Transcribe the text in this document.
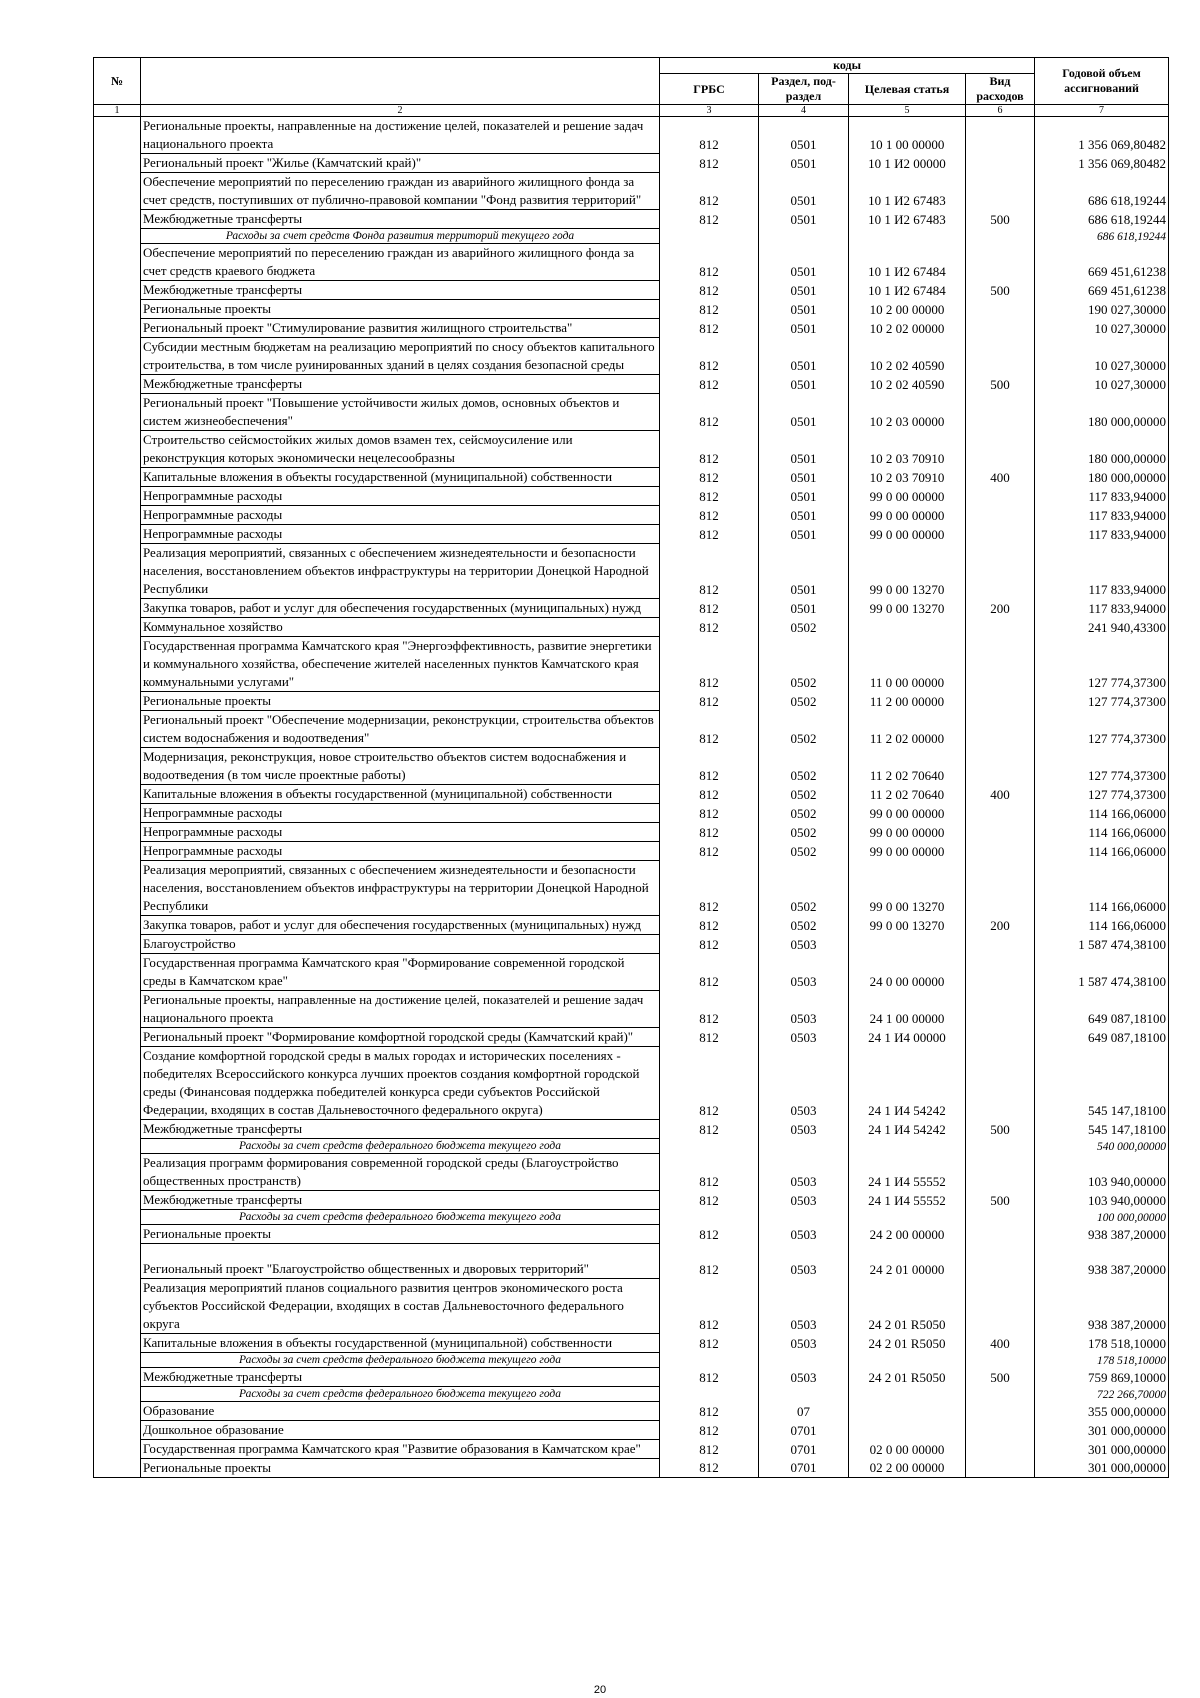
№		коды				Годовой объем ассигнований
		ГРБС	Раздел, под-раздел	Целевая статья	Вид расходов	
1	2	3	4	5	6	7
	Региональные проекты, направленные на достижение целей, показателей и решение задач национального проекта	812	0501	10 1 00 00000		1 356 069,80482
	Региональный проект "Жилье (Камчатский край)"	812	0501	10 1 И2 00000		1 356 069,80482
	Обеспечение мероприятий по переселению граждан из аварийного жилищного фонда за счет средств, поступивших от публично-правовой компании "Фонд развития территорий"	812	0501	10 1 И2 67483		686 618,19244
	Межбюджетные трансферты	812	0501	10 1 И2 67483	500	686 618,19244
	Расходы за счет средств Фонда развития территорий текущего года					686 618,19244
	Обеспечение мероприятий по переселению граждан из аварийного жилищного фонда за счет средств краевого бюджета	812	0501	10 1 И2 67484		669 451,61238
	Межбюджетные трансферты	812	0501	10 1 И2 67484	500	669 451,61238
	Региональные проекты	812	0501	10 2 00 00000		190 027,30000
	Региональный проект "Стимулирование развития жилищного строительства"	812	0501	10 2 02 00000		10 027,30000
	Субсидии местным бюджетам на реализацию мероприятий по сносу объектов капитального строительства, в том числе руинированных зданий в целях создания безопасной среды	812	0501	10 2 02 40590		10 027,30000
	Межбюджетные трансферты	812	0501	10 2 02 40590	500	10 027,30000
	Региональный проект "Повышение устойчивости жилых домов, основных объектов и систем жизнеобеспечения"	812	0501	10 2 03 00000		180 000,00000
	Строительство сейсмостойких жилых домов взамен тех, сейсмоусиление или реконструкция которых экономически нецелесообразны	812	0501	10 2 03 70910		180 000,00000
	Капитальные вложения в объекты государственной (муниципальной) собственности	812	0501	10 2 03 70910	400	180 000,00000
	Непрограммные расходы	812	0501	99 0 00 00000		117 833,94000
	Непрограммные расходы	812	0501	99 0 00 00000		117 833,94000
	Непрограммные расходы	812	0501	99 0 00 00000		117 833,94000
	Реализация мероприятий, связанных с обеспечением жизнедеятельности и безопасности населения, восстановлением объектов инфраструктуры на территории Донецкой Народной Республики	812	0501	99 0 00 13270		117 833,94000
	Закупка товаров, работ и услуг для обеспечения государственных (муниципальных) нужд	812	0501	99 0 00 13270	200	117 833,94000
	Коммунальное хозяйство	812	0502			241 940,43300
	Государственная программа Камчатского края "Энергоэффективность, развитие энергетики и коммунального хозяйства, обеспечение жителей населенных пунктов Камчатского края коммунальными услугами"	812	0502	11 0 00 00000		127 774,37300
	Региональные проекты	812	0502	11 2 00 00000		127 774,37300
	Региональный проект "Обеспечение модернизации, реконструкции, строительства объектов систем водоснабжения и водоотведения"	812	0502	11 2 02 00000		127 774,37300
	Модернизация, реконструкция, новое строительство объектов систем водоснабжения и водоотведения (в том числе проектные работы)	812	0502	11 2 02 70640		127 774,37300
	Капитальные вложения в объекты государственной (муниципальной) собственности	812	0502	11 2 02 70640	400	127 774,37300
	Непрограммные расходы	812	0502	99 0 00 00000		114 166,06000
	Непрограммные расходы	812	0502	99 0 00 00000		114 166,06000
	Непрограммные расходы	812	0502	99 0 00 00000		114 166,06000
	Реализация мероприятий, связанных с обеспечением жизнедеятельности и безопасности населения, восстановлением объектов инфраструктуры на территории Донецкой Народной Республики	812	0502	99 0 00 13270		114 166,06000
	Закупка товаров, работ и услуг для обеспечения государственных (муниципальных) нужд	812	0502	99 0 00 13270	200	114 166,06000
	Благоустройство	812	0503			1 587 474,38100
	Государственная программа Камчатского края "Формирование современной городской среды в Камчатском крае"	812	0503	24 0 00 00000		1 587 474,38100
	Региональные проекты, направленные на достижение целей, показателей и решение задач национального проекта	812	0503	24 1 00 00000		649 087,18100
	Региональный проект "Формирование комфортной городской среды (Камчатский край)"	812	0503	24 1 И4 00000		649 087,18100
	Создание комфортной городской среды в малых городах и исторических поселениях - победителях Всероссийского конкурса лучших проектов создания комфортной городской среды (Финансовая поддержка победителей конкурса среди субъектов Российской Федерации, входящих в состав Дальневосточного федерального округа)	812	0503	24 1 И4 54242		545 147,18100
	Межбюджетные трансферты	812	0503	24 1 И4 54242	500	545 147,18100
	Расходы за счет средств федерального бюджета текущего года					540 000,00000
	Реализация программ формирования современной городской среды (Благоустройство общественных пространств)	812	0503	24 1 И4 55552		103 940,00000
	Межбюджетные трансферты	812	0503	24 1 И4 55552	500	103 940,00000
	Расходы за счет средств федерального бюджета текущего года					100 000,00000
	Региональные проекты	812	0503	24 2 00 00000		938 387,20000
	Региональный проект "Благоустройство общественных и дворовых территорий"	812	0503	24 2 01 00000		938 387,20000
	Реализация мероприятий планов социального развития центров экономического роста субъектов Российской Федерации, входящих в состав Дальневосточного федерального округа	812	0503	24 2 01 R5050		938 387,20000
	Капитальные вложения в объекты государственной (муниципальной) собственности	812	0503	24 2 01 R5050	400	178 518,10000
	Расходы за счет средств федерального бюджета текущего года					178 518,10000
	Межбюджетные трансферты	812	0503	24 2 01 R5050	500	759 869,10000
	Расходы за счет средств федерального бюджета текущего года					722 266,70000
	Образование	812	07			355 000,00000
	Дошкольное образование	812	0701			301 000,00000
	Государственная программа Камчатского края "Развитие образования в Камчатском крае"	812	0701	02 0 00 00000		301 000,00000
	Региональные проекты	812	0701	02 2 00 00000		301 000,00000
20
